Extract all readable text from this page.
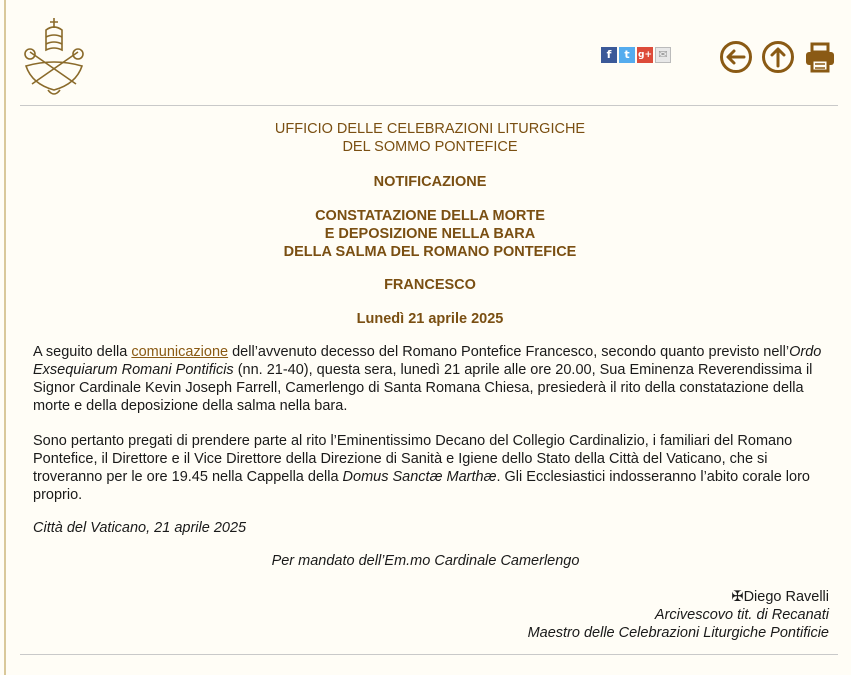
f	t g+ ✉
UFFICIO DELLE CELEBRAZIONI LITURGICHE
DEL SOMMO PONTEFICE
NOTIFICAZIONE
CONSTATAZIONE DELLA MORTE
E DEPOSIZIONE NELLA BARA
DELLA SALMA DEL ROMANO PONTEFICE
FRANCESCO
Lunedì 21 aprile 2025
A seguito della comunicazione dell’avvenuto decesso del Romano Pontefice Francesco, secondo quanto previsto nell’Ordo Exsequiarum Romani Pontificis (nn. 21-40), questa sera, lunedì 21 aprile alle ore 20.00, Sua Eminenza Reverendissima il Signor Cardinale Kevin Joseph Farrell, Camerlengo di Santa Romana Chiesa, presiederà il rito della constatazione della morte e della deposizione della salma nella bara.
Sono pertanto pregati di prendere parte al rito l’Eminentissimo Decano del Collegio Cardinalizio, i familiari del Romano Pontefice, il Direttore e il Vice Direttore della Direzione di Sanità e Igiene dello Stato della Città del Vaticano, che si troveranno per le ore 19.45 nella Cappella della Domus Sanctæ Marthæ. Gli Ecclesiastici indosseranno l’abito corale loro proprio.
Città del Vaticano, 21 aprile 2025
Per mandato dell’Em.mo Cardinale Camerlengo
✠Diego Ravelli
Arcivescovo tit. di Recanati
Maestro delle Celebrazioni Liturgiche Pontificie
